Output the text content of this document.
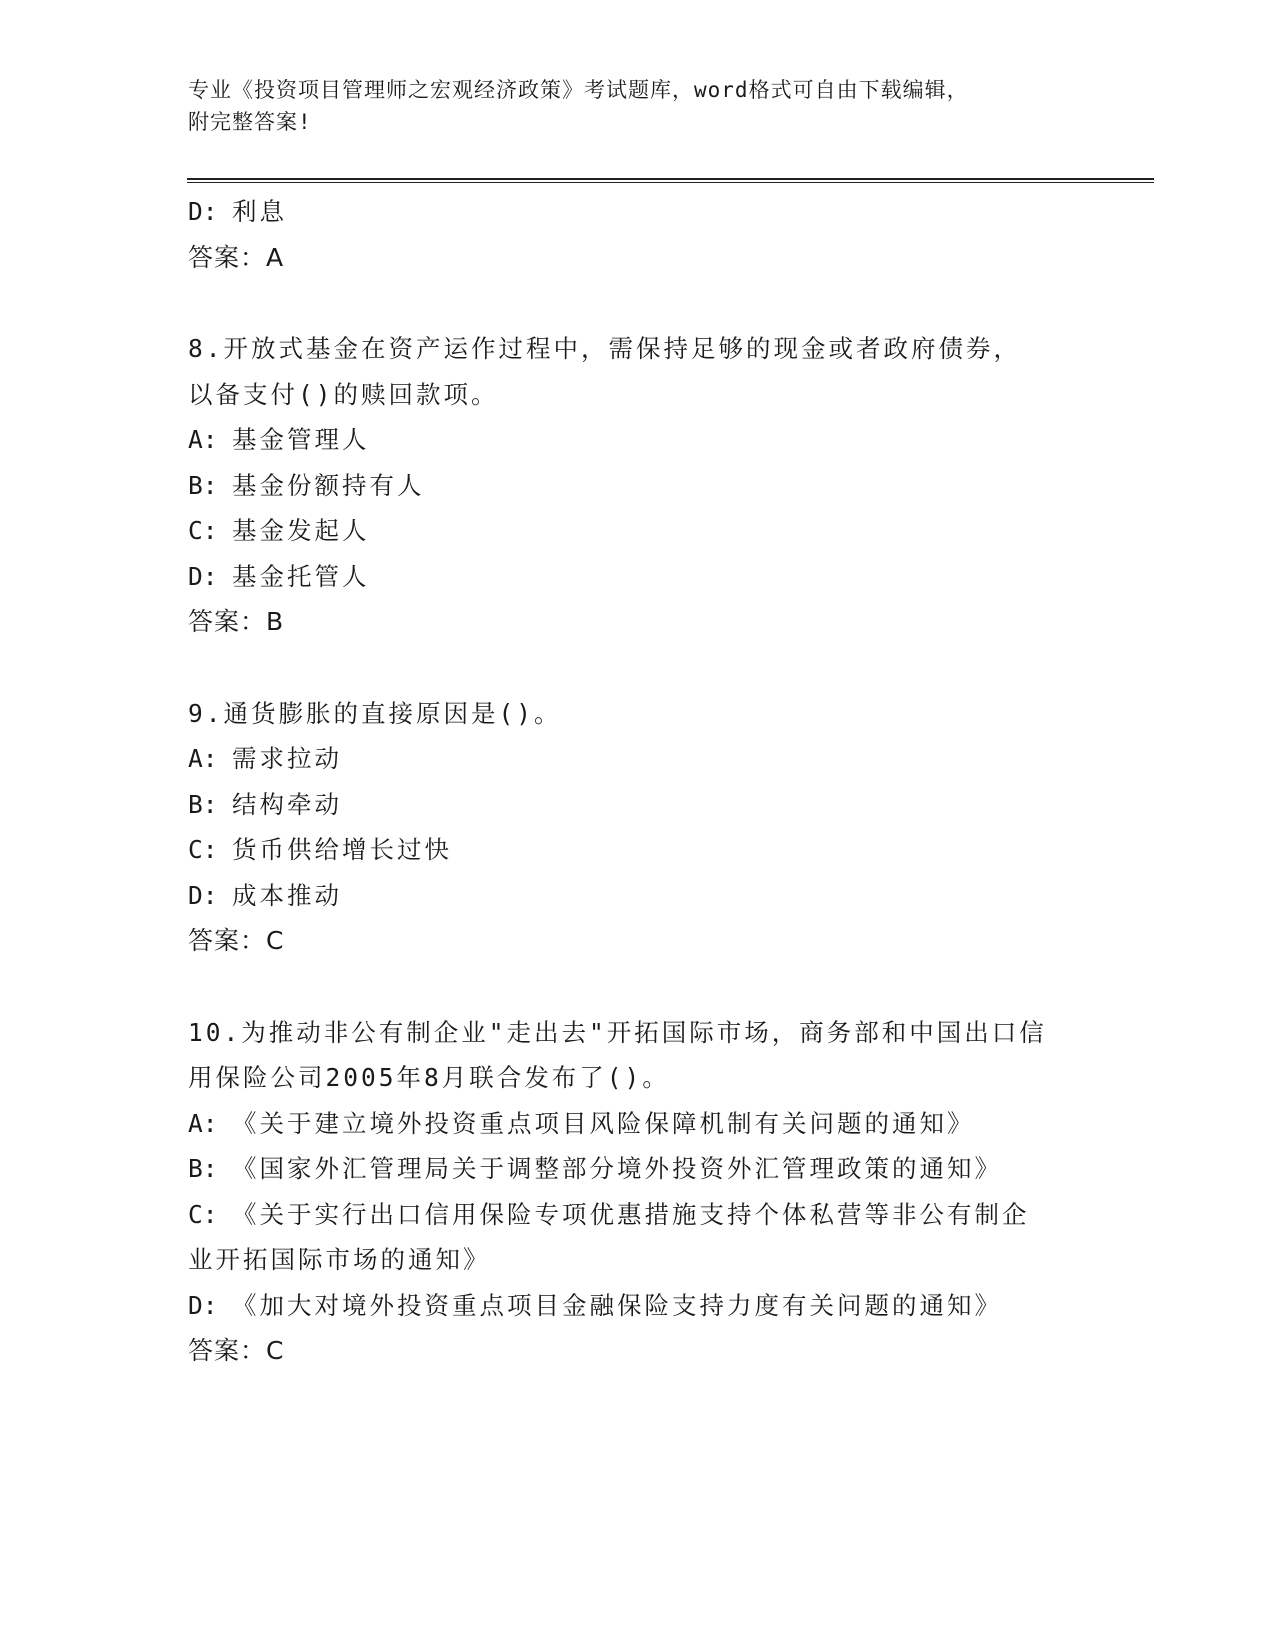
专业《投资项目管理师之宏观经济政策》考试题库，word格式可自由下载编辑，
附完整答案!
D: 利息
答案：A
8.开放式基金在资产运作过程中，需保持足够的现金或者政府债券，
以备支付()的赎回款项。
A: 基金管理人
B: 基金份额持有人
C: 基金发起人
D: 基金托管人
答案：B
9.通货膨胀的直接原因是()。
A: 需求拉动
B: 结构牵动
C: 货币供给增长过快
D: 成本推动
答案：C
10.为推动非公有制企业"走出去"开拓国际市场，商务部和中国出口信
用保险公司2005年8月联合发布了()。
A: 《关于建立境外投资重点项目风险保障机制有关问题的通知》
B: 《国家外汇管理局关于调整部分境外投资外汇管理政策的通知》
C: 《关于实行出口信用保险专项优惠措施支持个体私营等非公有制企
业开拓国际市场的通知》
D: 《加大对境外投资重点项目金融保险支持力度有关问题的通知》
答案：C
